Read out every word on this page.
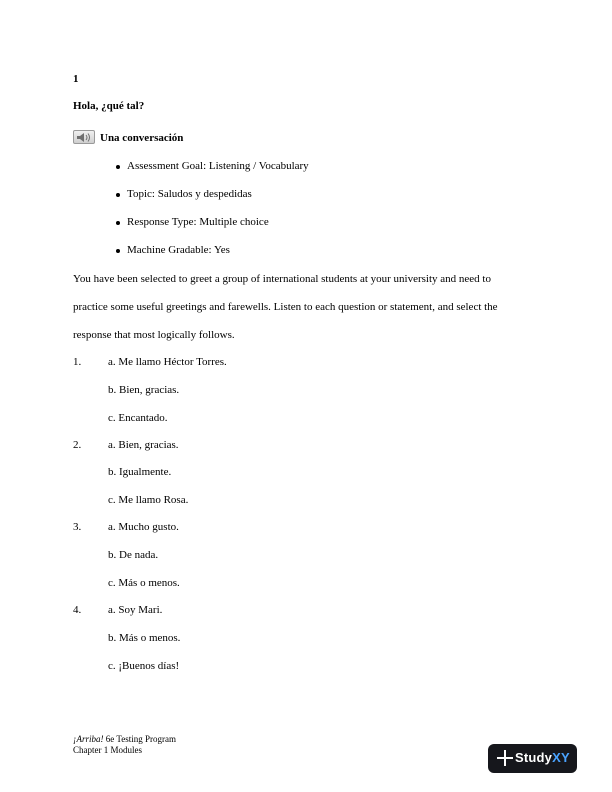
1
Hola, ¿qué tal?
Una conversación
Assessment Goal: Listening / Vocabulary
Topic: Saludos y despedidas
Response Type: Multiple choice
Machine Gradable: Yes
You have been selected to greet a group of international students at your university and need to
practice some useful greetings and farewells. Listen to each question or statement, and select the
response that most logically follows.
1. a. Me llamo Héctor Torres.
b. Bien, gracias.
c. Encantado.
2. a. Bien, gracias.
b. Igualmente.
c. Me llamo Rosa.
3. a. Mucho gusto.
b. De nada.
c. Más o menos.
4. a. Soy Mari.
b. Más o menos.
c. ¡Buenos días!
¡Arriba! 6e Testing Program
Chapter 1 Modules	StudyXY
